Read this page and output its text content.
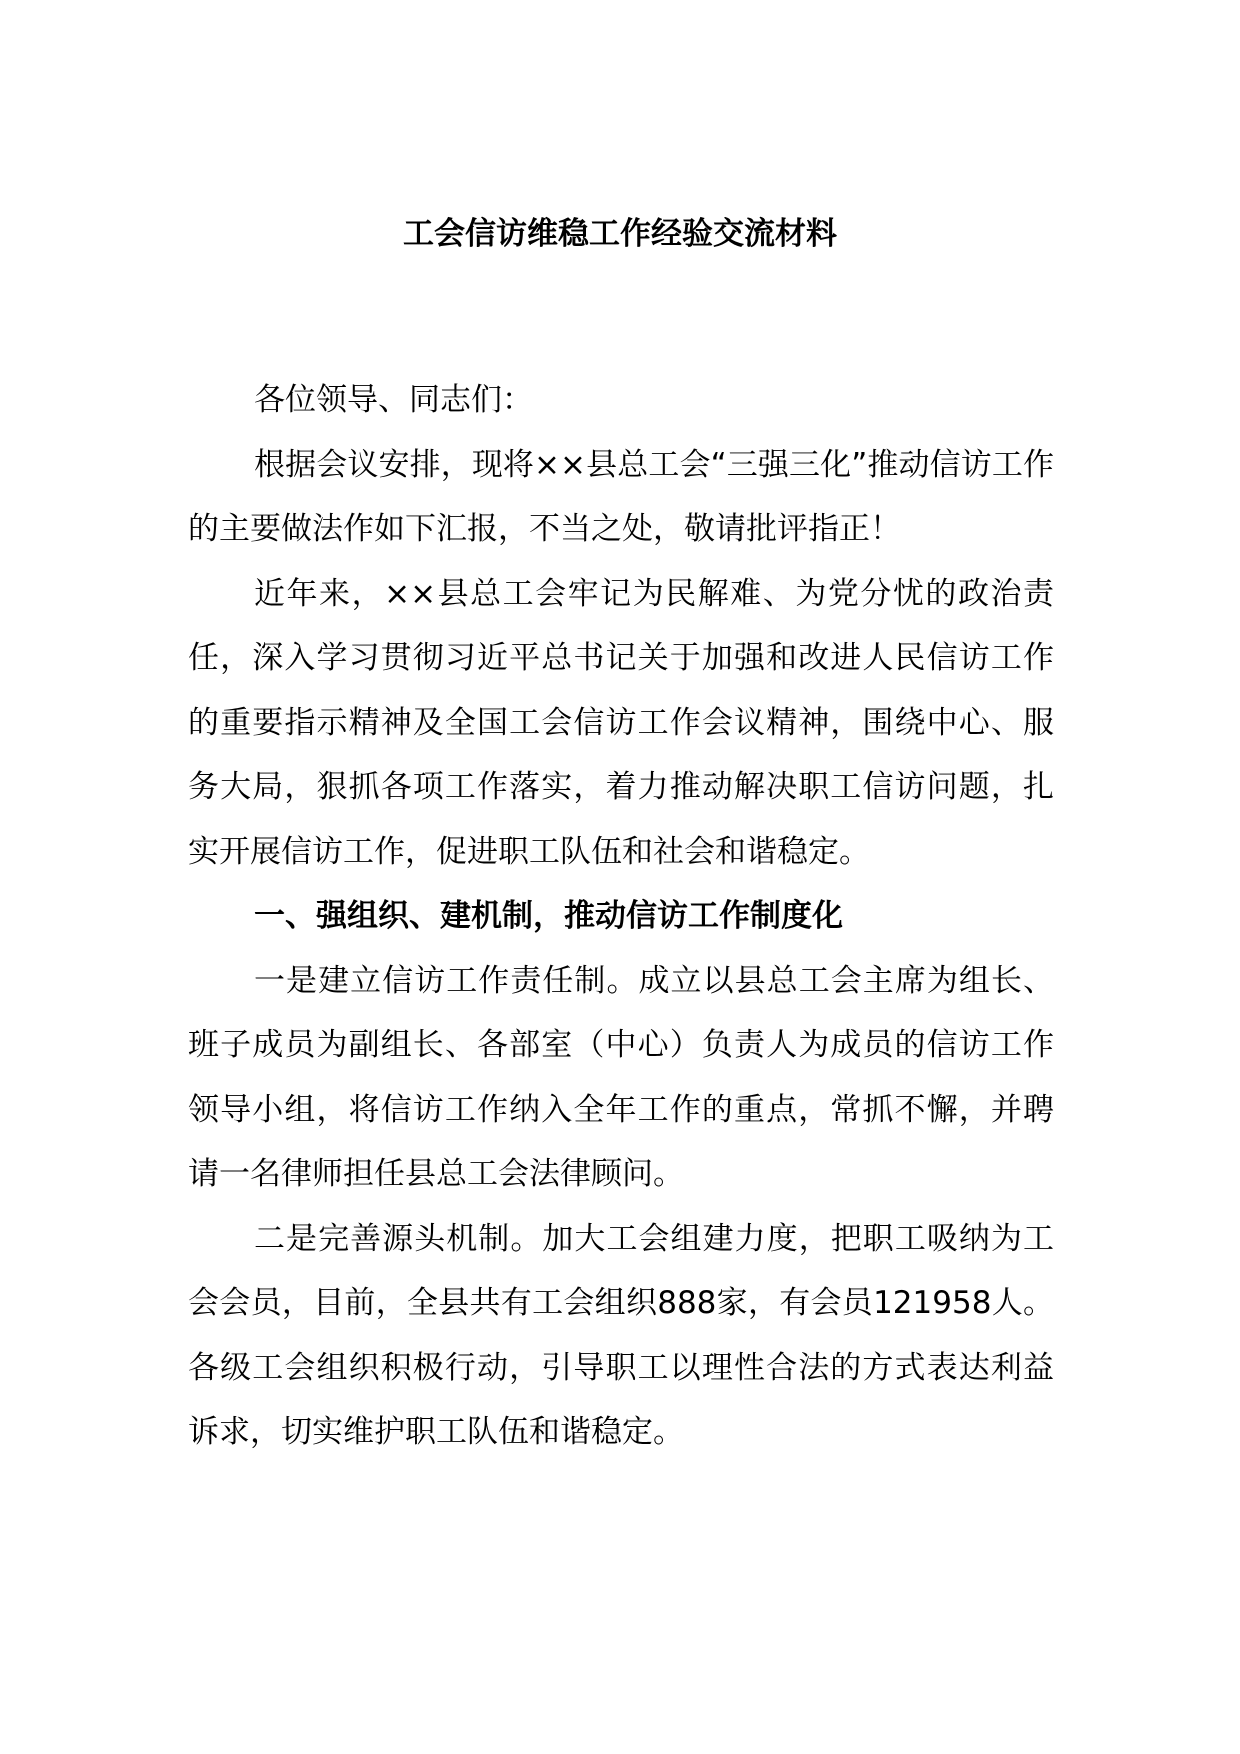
工会信访维稳工作经验交流材料

各位领导、同志们：

根据会议安排，现将××县总工会“三强三化”推动信访工作的主要做法作如下汇报，不当之处，敬请批评指正！

近年来，××县总工会牢记为民解难、为党分忧的政治责任，深入学习贯彻习近平总书记关于加强和改进人民信访工作的重要指示精神及全国工会信访工作会议精神，围绕中心、服务大局，狠抓各项工作落实，着力推动解决职工信访问题，扎实开展信访工作，促进职工队伍和社会和谐稳定。

一、强组织、建机制，推动信访工作制度化

一是建立信访工作责任制。成立以县总工会主席为组长、班子成员为副组长、各部室（中心）负责人为成员的信访工作领导小组，将信访工作纳入全年工作的重点，常抓不懈，并聘请一名律师担任县总工会法律顾问。

二是完善源头机制。加大工会组建力度，把职工吸纳为工会会员，目前，全县共有工会组织888家，有会员121958人。各级工会组织积极行动，引导职工以理性合法的方式表达利益诉求，切实维护职工队伍和谐稳定。
